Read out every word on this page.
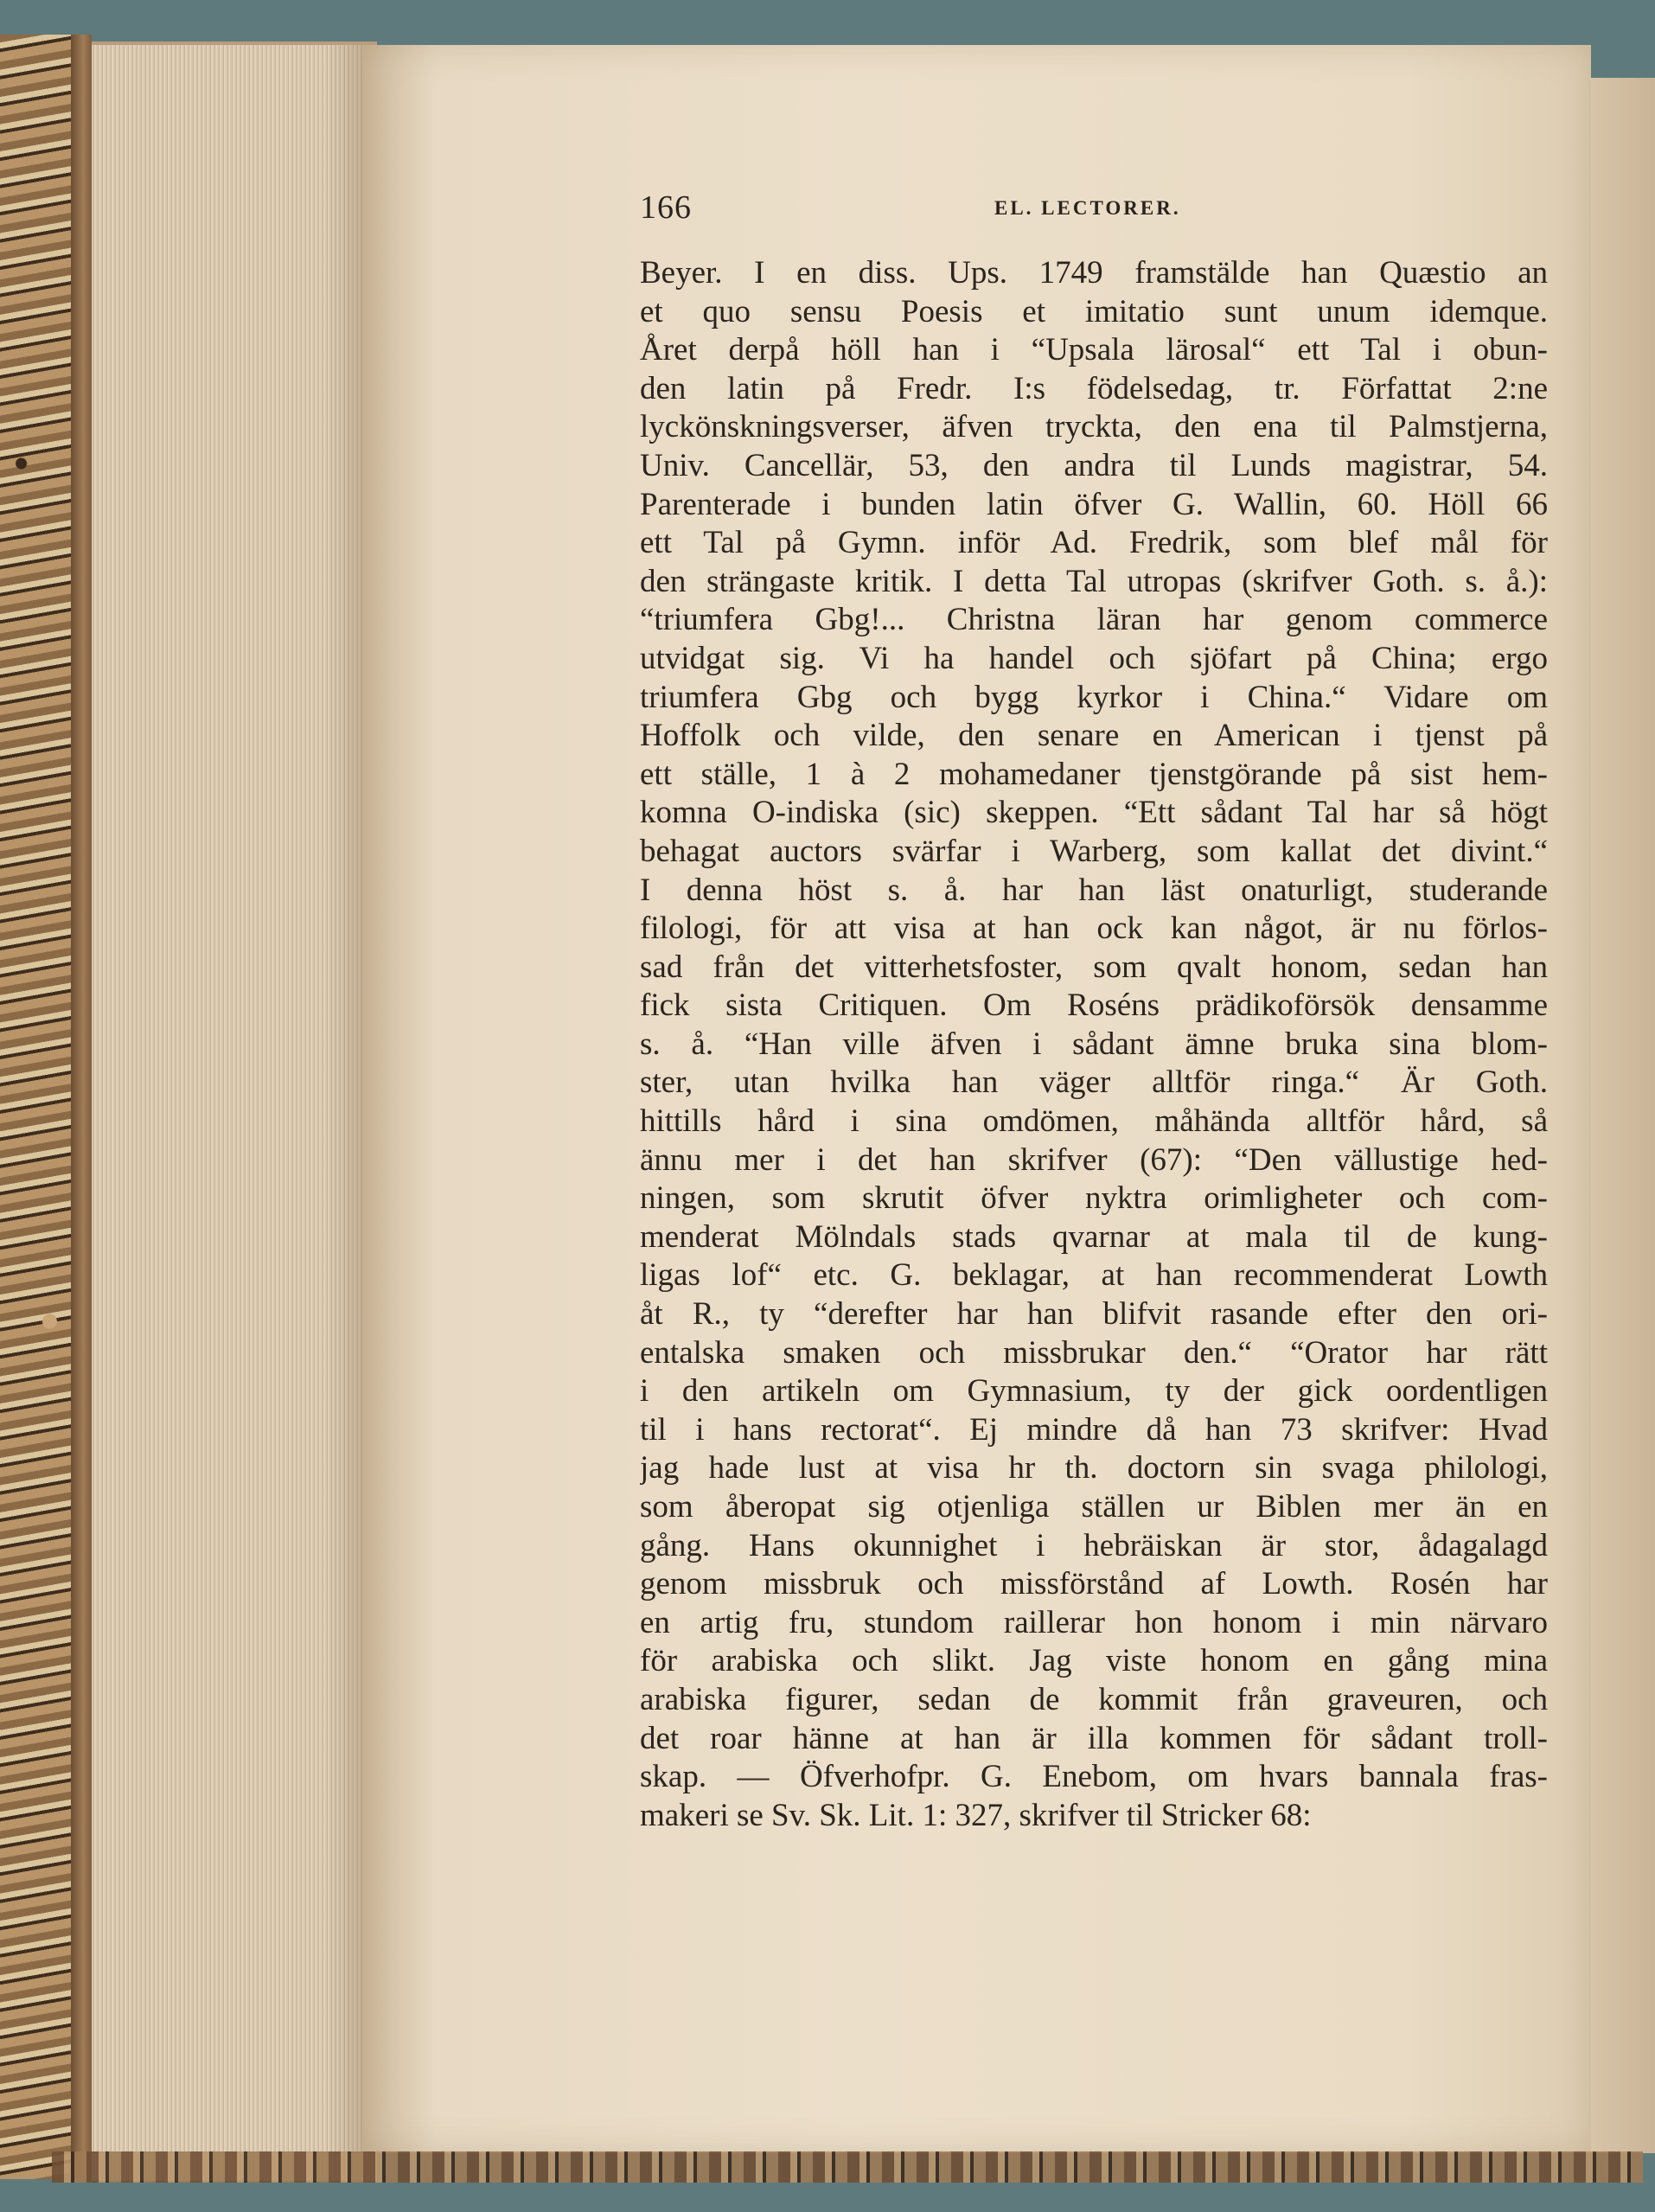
166	EL. LECTORER.
Beyer. I en diss. Ups. 1749 framstälde han Quæstio an
et quo sensu Poesis et imitatio sunt unum idemque.
Året derpå höll han i “Upsala lärosal“ ett Tal i obun-
den latin på Fredr. I:s födelsedag, tr. Författat 2:ne
lyckönskningsverser, äfven tryckta, den ena til Palmstjerna,
Univ. Cancellär, 53, den andra til Lunds magistrar, 54.
Parenterade i bunden latin öfver G. Wallin, 60. Höll 66
ett Tal på Gymn. inför Ad. Fredrik, som blef mål för
den strängaste kritik. I detta Tal utropas (skrifver Goth. s. å.):
“triumfera Gbg!... Christna läran har genom commerce
utvidgat sig. Vi ha handel och sjöfart på China; ergo
triumfera Gbg och bygg kyrkor i China.“ Vidare om
Hoffolk och vilde, den senare en American i tjenst på
ett ställe, 1 à 2 mohamedaner tjenstgörande på sist hem-
komna O-indiska (sic) skeppen. “Ett sådant Tal har så högt
behagat auctors svärfar i Warberg, som kallat det divint.“
I denna höst s. å. har han läst onaturligt, studerande
filologi, för att visa at han ock kan något, är nu förlos-
sad från det vitterhetsfoster, som qvalt honom, sedan han
fick sista Critiquen. Om Roséns prädikoförsök densamme
s. å. “Han ville äfven i sådant ämne bruka sina blom-
ster, utan hvilka han väger alltför ringa.“ Är Goth.
hittills hård i sina omdömen, måhända alltför hård, så
ännu mer i det han skrifver (67): “Den vällustige hed-
ningen, som skrutit öfver nyktra orimligheter och com-
menderat Mölndals stads qvarnar at mala til de kung-
ligas lof“ etc. G. beklagar, at han recommenderat Lowth
åt R., ty “derefter har han blifvit rasande efter den ori-
entalska smaken och missbrukar den.“ “Orator har rätt
i den artikeln om Gymnasium, ty der gick oordentligen
til i hans rectorat“. Ej mindre då han 73 skrifver: Hvad
jag hade lust at visa hr th. doctorn sin svaga philologi,
som åberopat sig otjenliga ställen ur Biblen mer än en
gång. Hans okunnighet i hebräiskan är stor, ådagalagd
genom missbruk och missförstånd af Lowth. Rosén har
en artig fru, stundom raillerar hon honom i min närvaro
för arabiska och slikt. Jag viste honom en gång mina
arabiska figurer, sedan de kommit från graveuren, och
det roar hänne at han är illa kommen för sådant troll-
skap. — Öfverhofpr. G. Enebom, om hvars bannala fras-
makeri se Sv. Sk. Lit. 1: 327, skrifver til Stricker 68:
